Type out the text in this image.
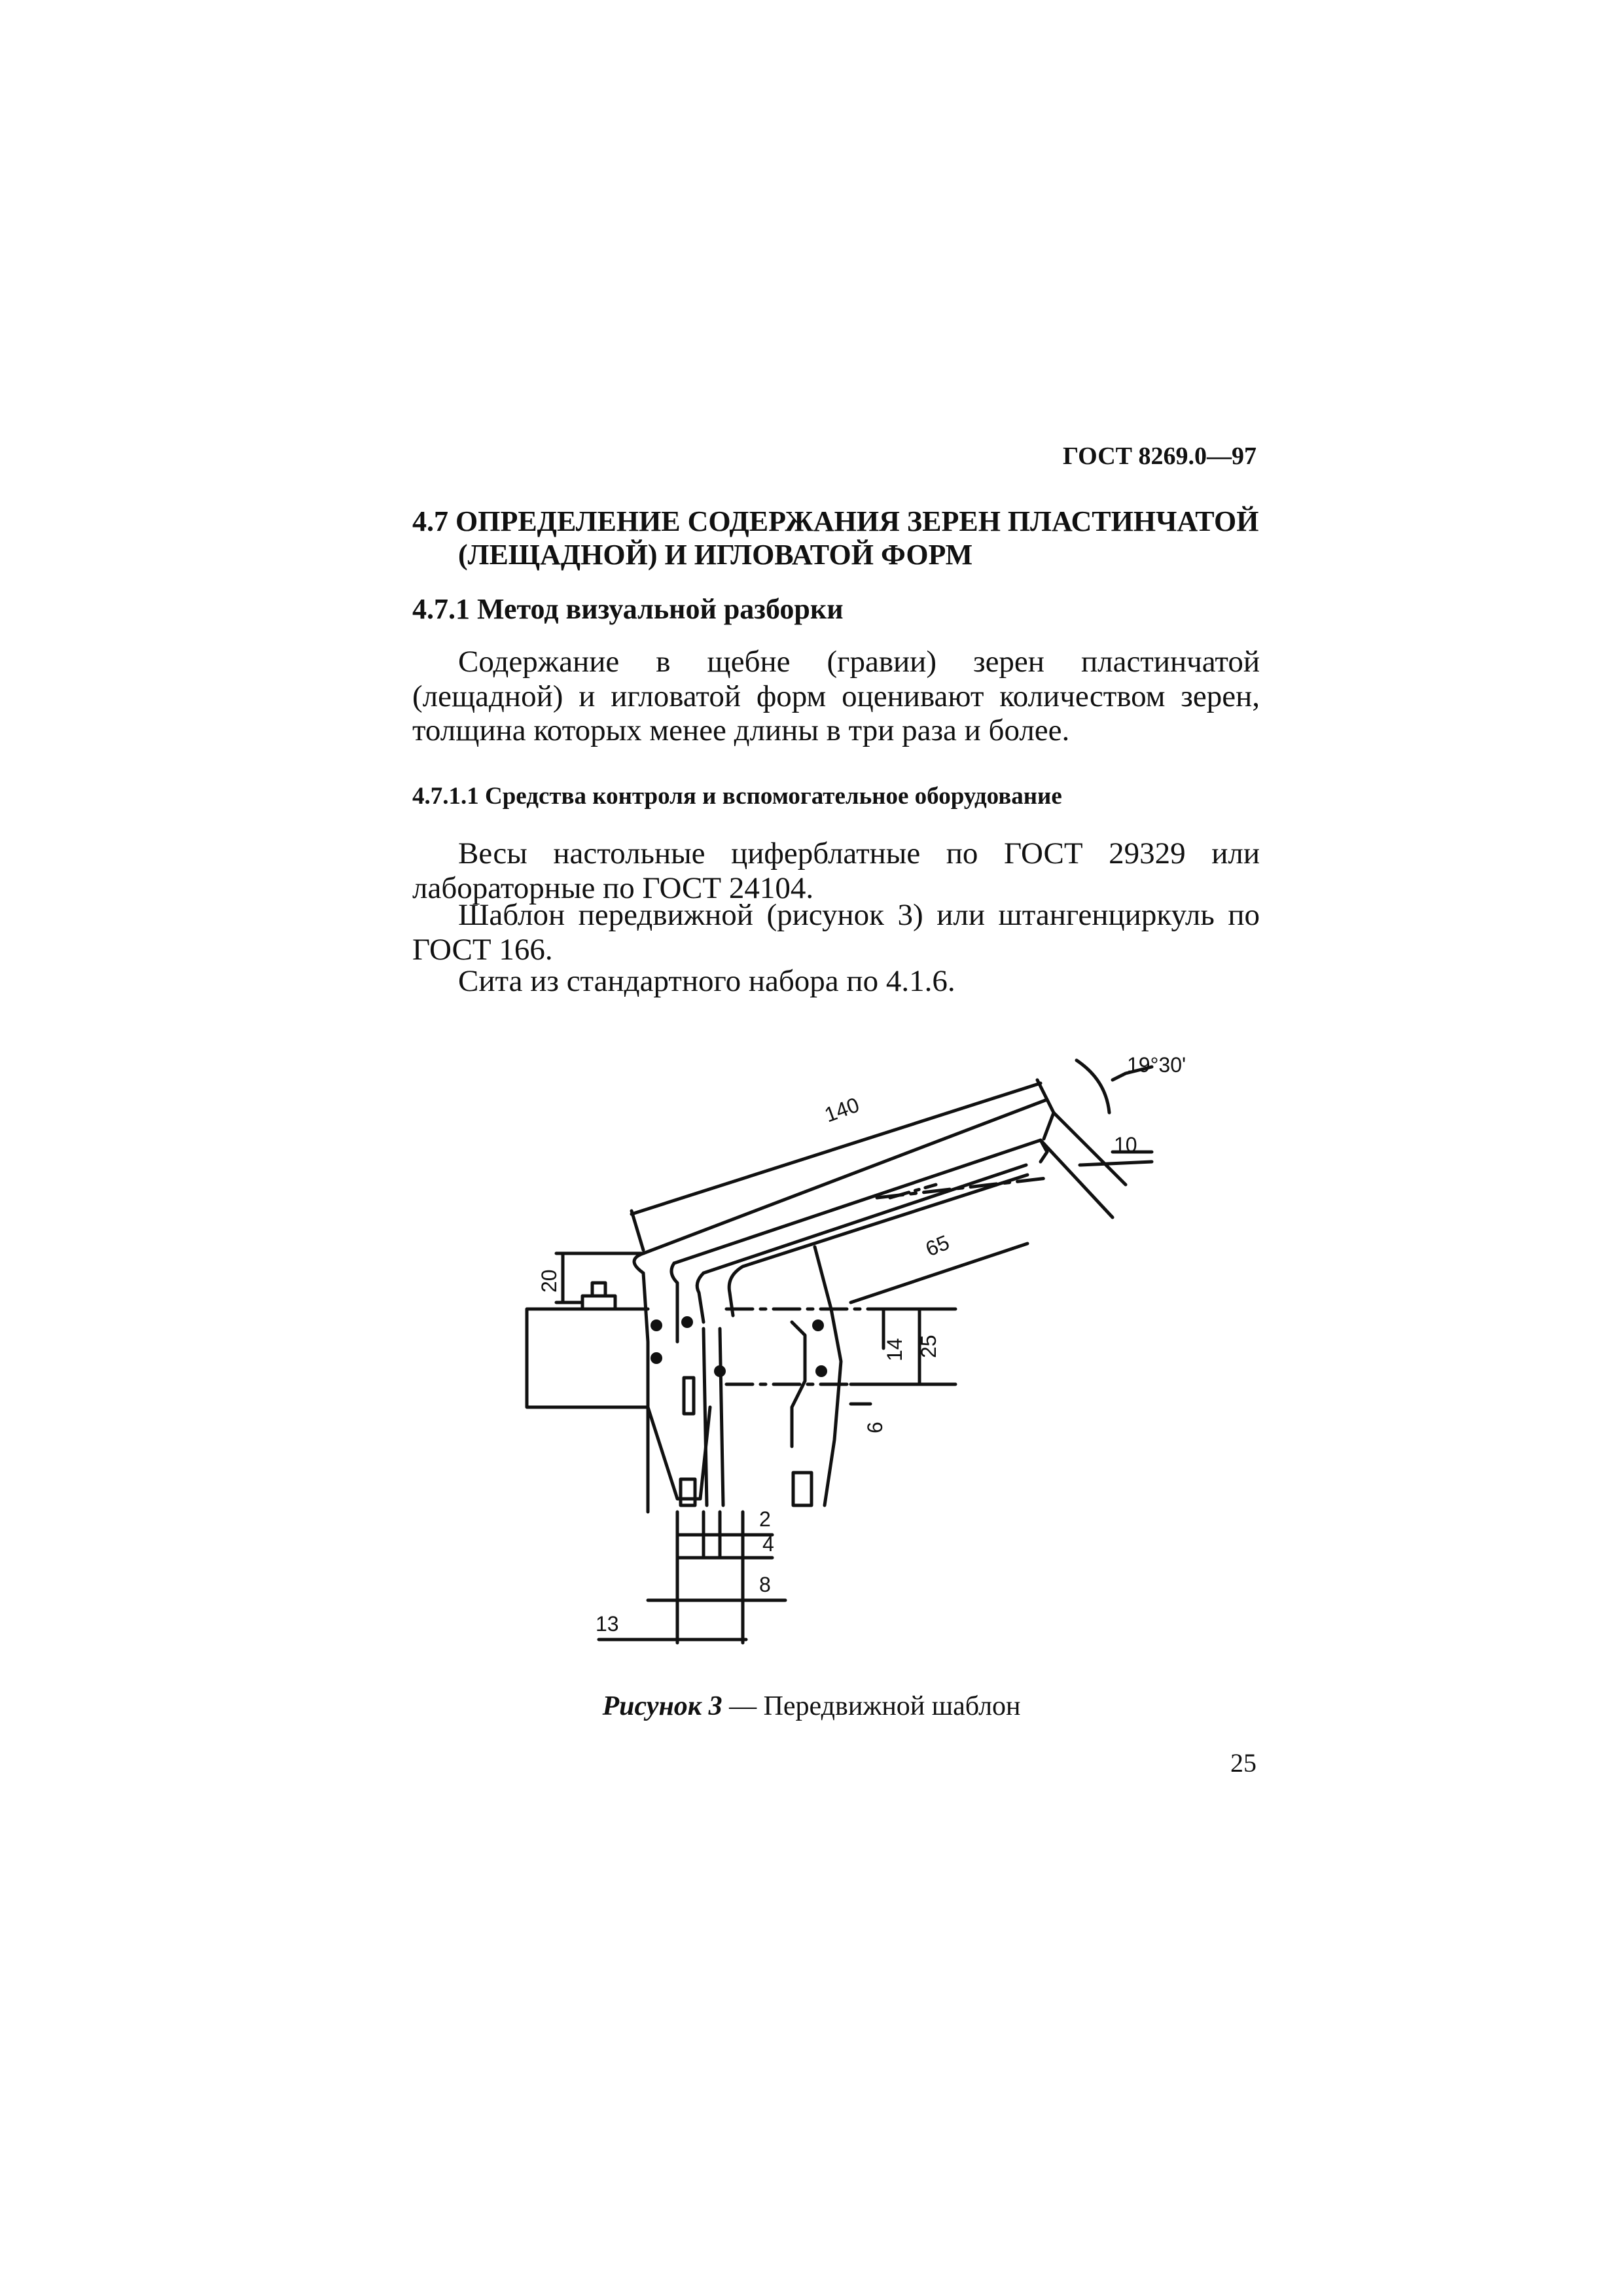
ГОСТ 8269.0—97
4.7 ОПРЕДЕЛЕНИЕ СОДЕРЖАНИЯ ЗЕРЕН ПЛАСТИНЧАТОЙ
(ЛЕЩАДНОЙ) И ИГЛОВАТОЙ ФОРМ
4.7.1 Метод визуальной разборки
Содержание в щебне (гравии) зерен пластинчатой (лещадной) и игловатой форм оценивают количеством зерен, толщина которых менее длины в три раза и более.
4.7.1.1 Средства контроля и вспомогательное оборудование
Весы настольные циферблатные по ГОСТ 29329 или лабораторные по ГОСТ 24104.
Шаблон передвижной (рисунок 3) или штангенциркуль по ГОСТ 166.
Сита из стандартного набора по 4.1.6.
140
19°30'
10
65
20
25
14
6
2
4
8
13
Рисунок 3 — Передвижной шаблон
25
